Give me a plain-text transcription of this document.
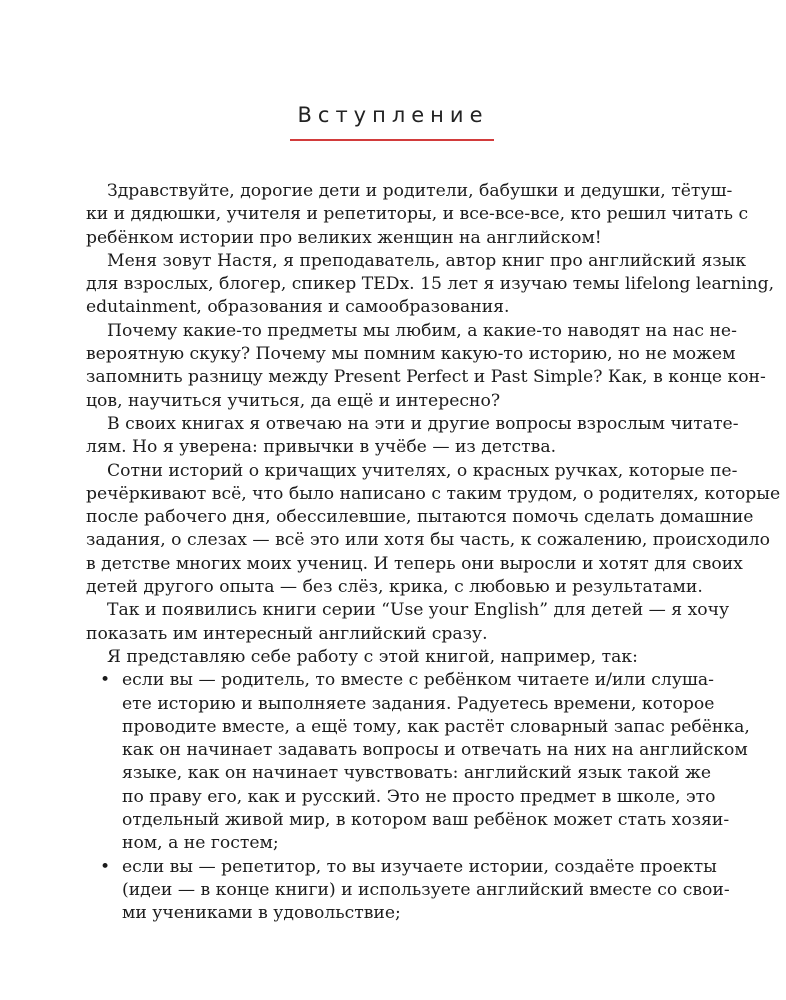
Вступление
Здравствуйте, дорогие дети и родители, бабушки и дедушки, тётуш-
ки и дядюшки, учителя и репетиторы, и все-все-все, кто решил читать с
ребёнком истории про великих женщин на английском!
Меня зовут Настя, я преподаватель, автор книг про английский язык
для взрослых, блогер, спикер TEDx. 15 лет я изучаю темы lifelong learning,
edutainment, образования и самообразования.
Почему какие-то предметы мы любим, а какие-то наводят на нас не-
вероятную скуку? Почему мы помним какую-то историю, но не можем
запомнить разницу между Present Perfect и Past Simple? Как, в конце кон-
цов, научиться учиться, да ещё и интересно?
В своих книгах я отвечаю на эти и другие вопросы взрослым читате-
лям. Но я уверена: привычки в учёбе — из детства.
Сотни историй о кричащих учителях, о красных ручках, которые пе-
речёркивают всё, что было написано с таким трудом, о родителях, которые
после рабочего дня, обессилевшие, пытаются помочь сделать домашние
задания, о слезах — всё это или хотя бы часть, к сожалению, происходило
в детстве многих моих учениц. И теперь они выросли и хотят для своих
детей другого опыта — без слёз, крика, с любовью и результатами.
Так и появились книги серии “Use your English” для детей — я хочу
показать им интересный английский сразу.
Я представляю себе работу с этой книгой, например, так:
• если вы — родитель, то вместе с ребёнком читаете и/или слуша-
ете историю и выполняете задания. Радуетесь времени, которое
проводите вместе, а ещё тому, как растёт словарный запас ребёнка,
как он начинает задавать вопросы и отвечать на них на английском
языке, как он начинает чувствовать: английский язык такой же
по праву его, как и русский. Это не просто предмет в школе, это
отдельный живой мир, в котором ваш ребёнок может стать хозяи-
ном, а не гостем;
• если вы — репетитор, то вы изучаете истории, создаёте проекты
(идеи — в конце книги) и используете английский вместе со свои-
ми учениками в удовольствие;
